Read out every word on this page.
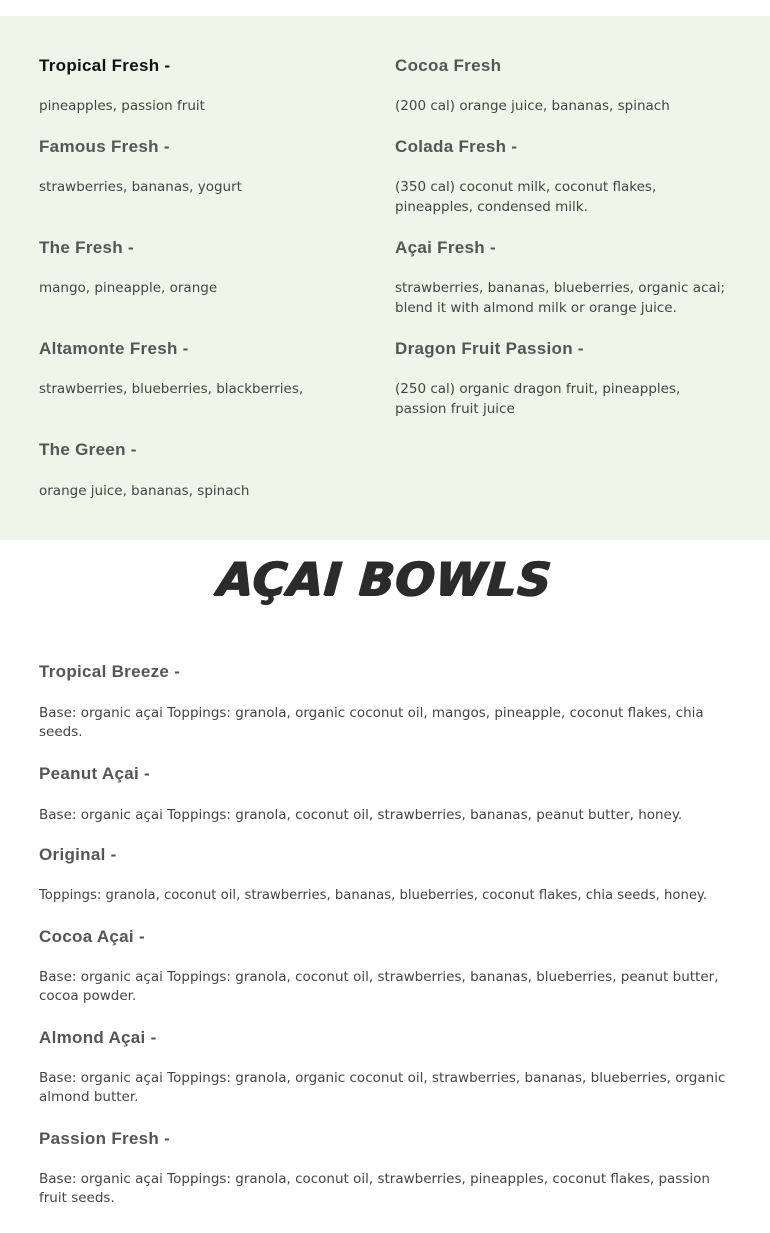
Tropical Fresh -

pineapples, passion fruit

Famous Fresh -

strawberries, bananas, yogurt

The Fresh -

mango, pineapple, orange

Altamonte Fresh -

strawberries, blueberries, blackberries,

The Green -

orange juice, bananas, spinach

Cocoa Fresh

(200 cal) orange juice, bananas, spinach

Colada Fresh -

(350 cal) coconut milk, coconut flakes, pineapples, condensed milk.

Açai Fresh -

strawberries, bananas, blueberries, organic acai; blend it with almond milk or orange juice.

Dragon Fruit Passion -

(250 cal) organic dragon fruit, pineapples, passion fruit juice

AÇAI BOWLS
Tropical Breeze -

Base: organic açai Toppings: granola, organic coconut oil, mangos, pineapple, coconut flakes, chia seeds.

Peanut Açai -

Base: organic açai Toppings: granola, coconut oil, strawberries, bananas, peanut butter, honey.

Original -

Toppings: granola, coconut oil, strawberries, bananas, blueberries, coconut flakes, chia seeds, honey.

Cocoa Açai -

Base: organic açai Toppings: granola, coconut oil, strawberries, bananas, blueberries, peanut butter, cocoa powder.

Almond Açai -

Base: organic açai Toppings: granola, organic coconut oil, strawberries, bananas, blueberries, organic almond butter.

Passion Fresh -

Base: organic açai Toppings: granola, coconut oil, strawberries, pineapples, coconut flakes, passion fruit seeds.
